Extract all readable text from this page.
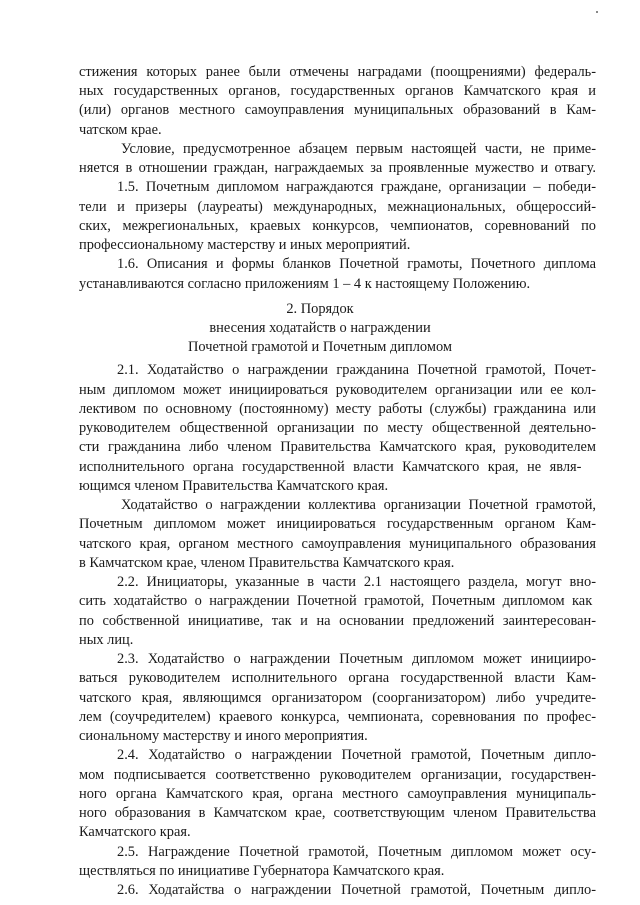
стижения которых ранее были отмечены наградами (поощрениями) федераль-
ных государственных органов, государственных органов Камчатского края и
(или) органов местного самоуправления муниципальных образований в Кам-
чатском крае.
Условие, предусмотренное абзацем первым настоящей части, не приме-
няется в отношении граждан, награждаемых за проявленные мужество и отвагу.
1.5. Почетным дипломом награждаются граждане, организации – победи-
тели и призеры (лауреаты) международных, межнациональных, общероссий-
ских, межрегиональных, краевых конкурсов, чемпионатов, соревнований по
профессиональному мастерству и иных мероприятий.
1.6. Описания и формы бланков Почетной грамоты, Почетного диплома
устанавливаются согласно приложениям 1 – 4 к настоящему Положению.
2. Порядок
внесения ходатайств о награждении
Почетной грамотой и Почетным дипломом
2.1. Ходатайство о награждении гражданина Почетной грамотой, Почет-
ным дипломом может инициироваться руководителем организации или ее кол-
лективом по основному (постоянному) месту работы (службы) гражданина или
руководителем общественной организации по месту общественной деятельно-
сти гражданина либо членом Правительства Камчатского края, руководителем
исполнительного органа государственной власти Камчатского края, не явля-
ющимся членом Правительства Камчатского края.
Ходатайство о награждении коллектива организации Почетной грамотой,
Почетным дипломом может инициироваться государственным органом Кам-
чатского края, органом местного самоуправления муниципального образования
в Камчатском крае, членом Правительства Камчатского края.
2.2. Инициаторы, указанные в части 2.1 настоящего раздела, могут вно-
сить ходатайство о награждении Почетной грамотой, Почетным дипломом как
по собственной инициативе, так и на основании предложений заинтересован-
ных лиц.
2.3. Ходатайство о награждении Почетным дипломом может иницииро-
ваться руководителем исполнительного органа государственной власти Кам-
чатского края, являющимся организатором (соорганизатором) либо учредите-
лем (соучредителем) краевого конкурса, чемпионата, соревнования по профес-
сиональному мастерству и иного мероприятия.
2.4. Ходатайство о награждении Почетной грамотой, Почетным дипло-
мом подписывается соответственно руководителем организации, государствен-
ного органа Камчатского края, органа местного самоуправления муниципаль-
ного образования в Камчатском крае, соответствующим членом Правительства
Камчатского края.
2.5. Награждение Почетной грамотой, Почетным дипломом может осу-
ществляться по инициативе Губернатора Камчатского края.
2.6. Ходатайства о награждении Почетной грамотой, Почетным дипло-
